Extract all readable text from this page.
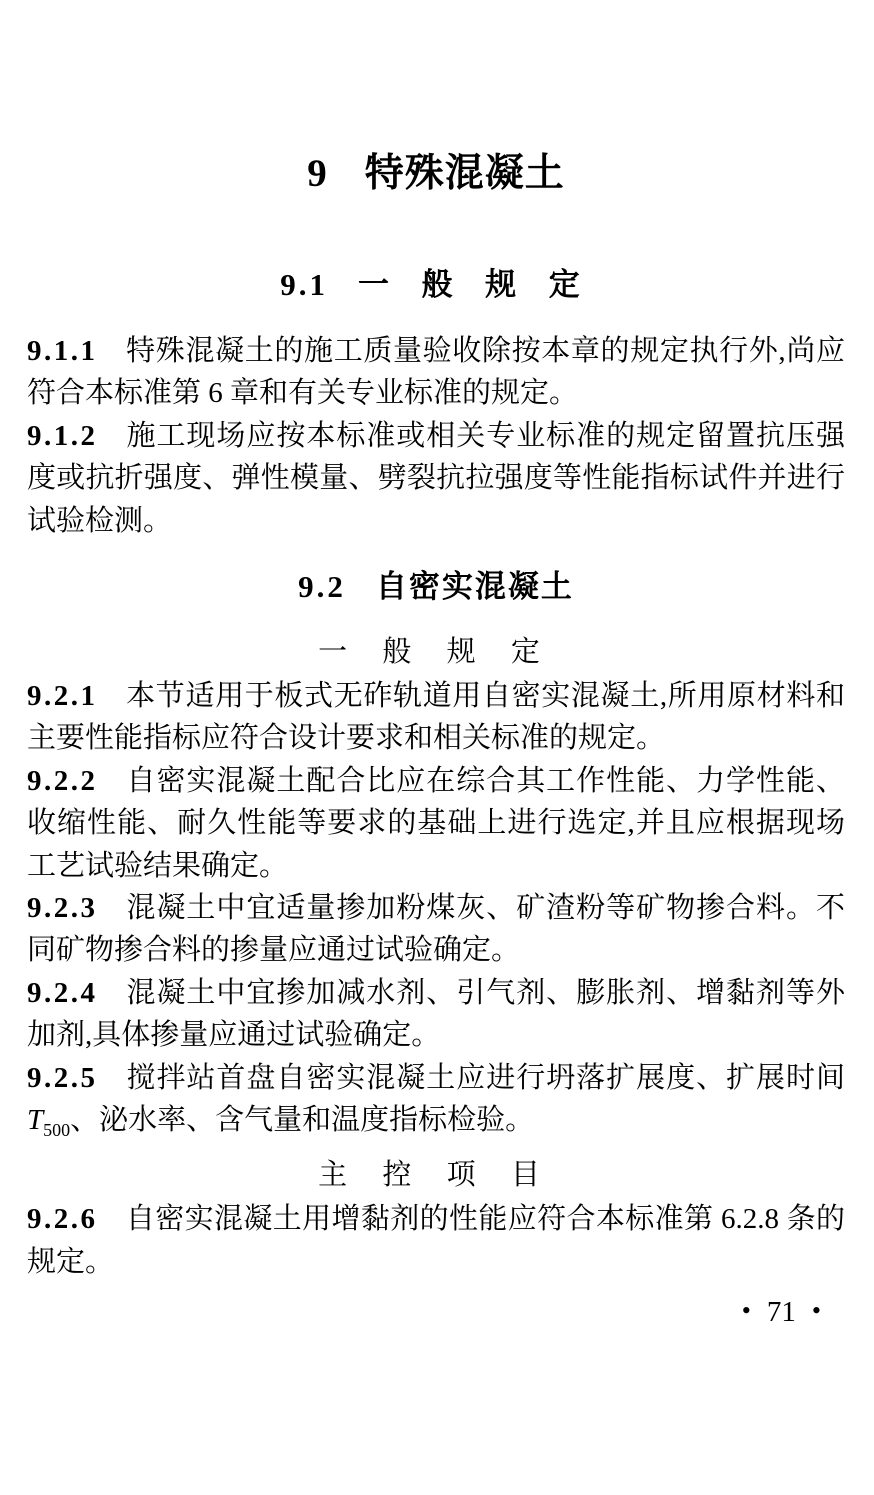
9 特殊混凝土
9.1 一 般 规 定

9.1.1 特殊混凝土的施工质量验收除按本章的规定执行外,尚应符合本标准第 6 章和有关专业标准的规定。

9.1.2 施工现场应按本标准或相关专业标准的规定留置抗压强度或抗折强度、弹性模量、劈裂抗拉强度等性能指标试件并进行试验检测。

9.2 自密实混凝土
一 般 规 定

9.2.1 本节适用于板式无砟轨道用自密实混凝土,所用原材料和主要性能指标应符合设计要求和相关标准的规定。

9.2.2 自密实混凝土配合比应在综合其工作性能、力学性能、收缩性能、耐久性能等要求的基础上进行选定,并且应根据现场工艺试验结果确定。

9.2.3 混凝土中宜适量掺加粉煤灰、矿渣粉等矿物掺合料。不同矿物掺合料的掺量应通过试验确定。

9.2.4 混凝土中宜掺加减水剂、引气剂、膨胀剂、增黏剂等外加剂,具体掺量应通过试验确定。

9.2.5 搅拌站首盘自密实混凝土应进行坍落扩展度、扩展时间$T_{500}$、泌水率、含气量和温度指标检验。

主 控 项 目

9.2.6 自密实混凝土用增黏剂的性能应符合本标准第 6.2.8 条的规定。

• 71 •
